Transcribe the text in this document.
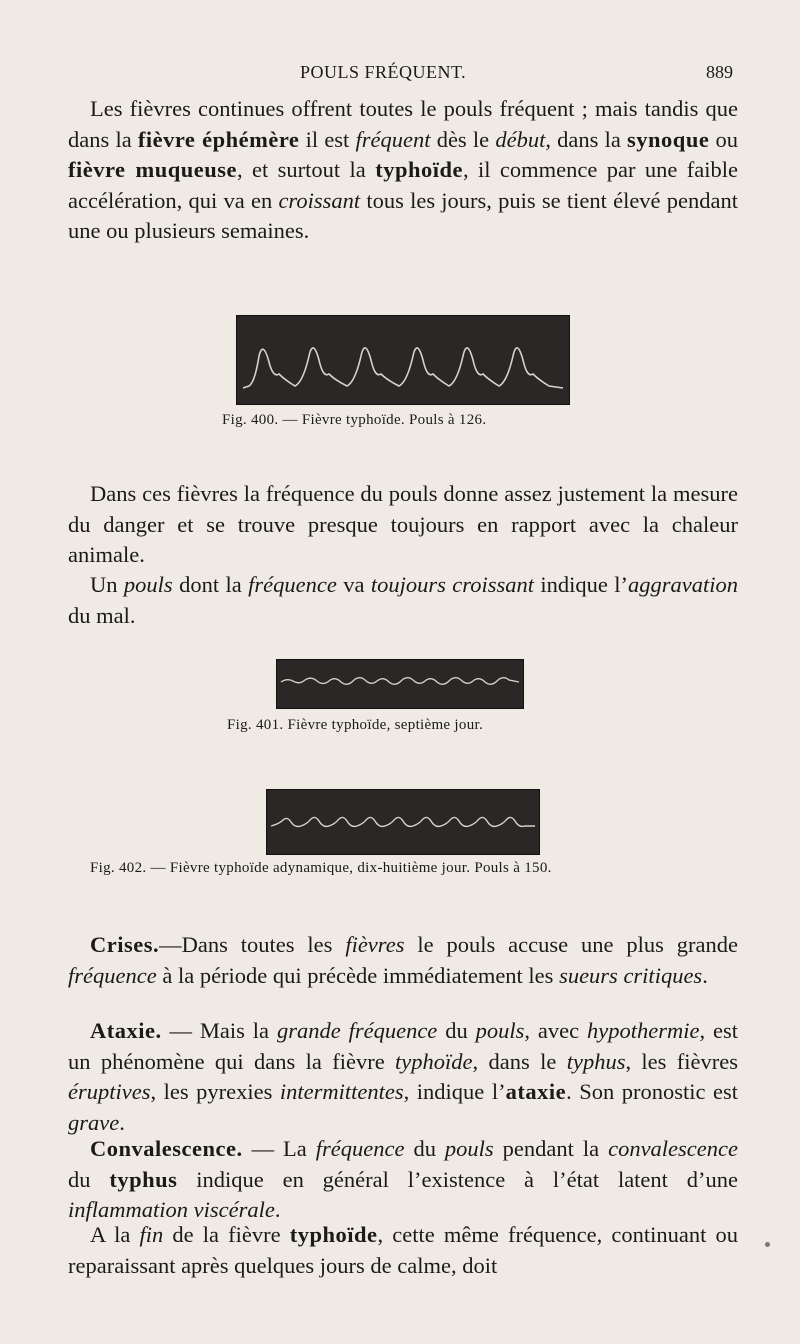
POULS FRÉQUENT.	889

Les fièvres continues offrent toutes le pouls fréquent ; mais tandis que dans la fièvre éphémère il est fréquent dès le début, dans la synoque ou fièvre muqueuse, et surtout la typhoïde, il commence par une faible accélération, qui va en croissant tous les jours, puis se tient élevé pendant une ou plusieurs semaines.

Fig. 400. — Fièvre typhoïde. Pouls à 126.

Dans ces fièvres la fréquence du pouls donne assez justement la mesure du danger et se trouve presque toujours en rapport avec la chaleur animale.

Un pouls dont la fréquence va toujours croissant indique l’aggravation du mal.

Fig. 401. Fièvre typhoïde, septième jour.
Fig. 402. — Fièvre typhoïde adynamique, dix-huitième jour. Pouls à 150.

Crises.—Dans toutes les fièvres le pouls accuse une plus grande fréquence à la période qui précède immédiatement les sueurs critiques.

Ataxie. — Mais la grande fréquence du pouls, avec hypothermie, est un phénomène qui dans la fièvre typhoïde, dans le typhus, les fièvres éruptives, les pyrexies intermittentes, indique l’ataxie. Son pronostic est grave.

Convalescence. — La fréquence du pouls pendant la convalescence du typhus indique en général l’existence à l’état latent d’une inflammation viscérale.

A la fin de la fièvre typhoïde, cette même fréquence, continuant ou reparaissant après quelques jours de calme, doit
